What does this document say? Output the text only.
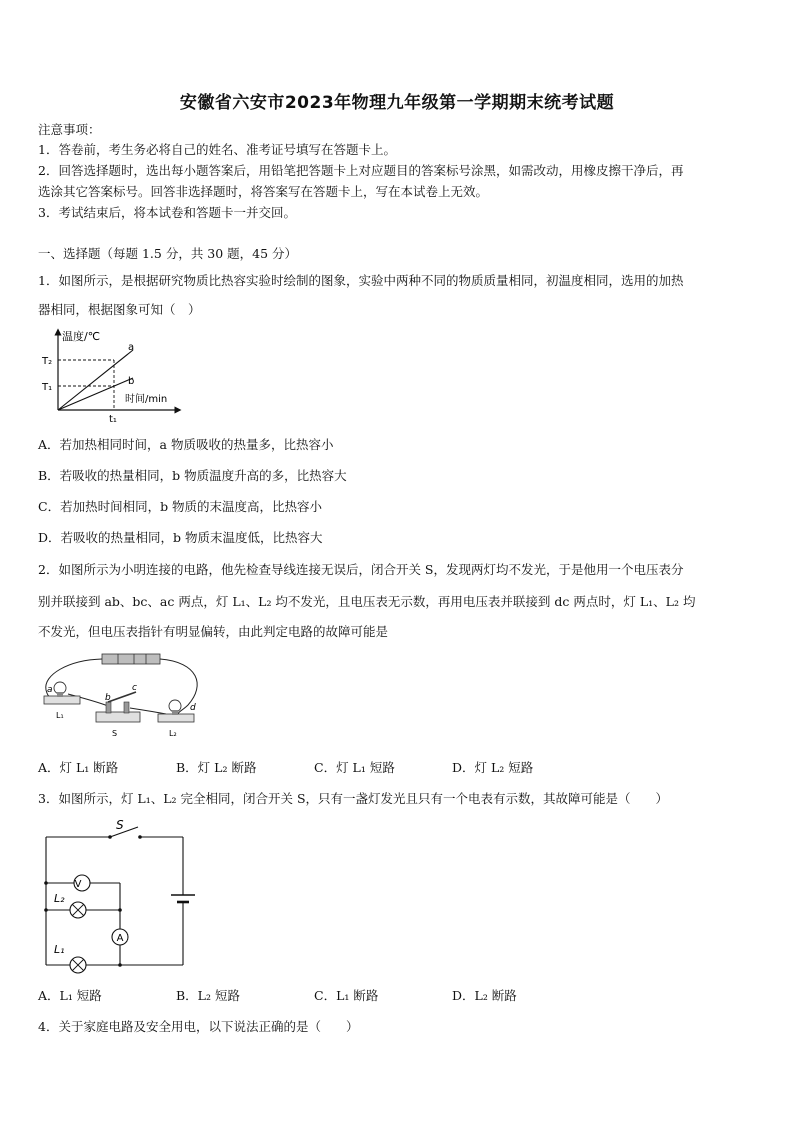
安徽省六安市2023年物理九年级第一学期期末统考试题
注意事项：
1．答卷前，考生务必将自己的姓名、准考证号填写在答题卡上。
2．回答选择题时，选出每小题答案后，用铅笔把答题卡上对应题目的答案标号涂黑，如需改动，用橡皮擦干净后，再
选涂其它答案标号。回答非选择题时，将答案写在答题卡上，写在本试卷上无效。
3．考试结束后，将本试卷和答题卡一并交回。
一、选择题（每题 1.5 分，共 30 题，45 分）
1．如图所示，是根据研究物质比热容实验时绘制的图象，实验中两种不同的物质质量相同，初温度相同，选用的加热
器相同，根据图象可知（　）
温度/℃
T₂
T₁
a
b
时间/min
t₁
A．若加热相同时间，a 物质吸收的热量多，比热容小
B．若吸收的热量相同，b 物质温度升高的多，比热容大
C．若加热时间相同，b 物质的末温度高，比热容小
D．若吸收的热量相同，b 物质末温度低，比热容大
2．如图所示为小明连接的电路，他先检查导线连接无误后，闭合开关 S，发现两灯均不发光，于是他用一个电压表分
别并联接到 ab、bc、ac 两点，灯 L₁、L₂ 均不发光，且电压表无示数，再用电压表并联接到 dc 两点时，灯 L₁、L₂ 均
不发光，但电压表指针有明显偏转，由此判定电路的故障可能是
a
b
c
d
L₁
S	L₂
A．灯 L₁ 断路	B．灯 L₂ 断路	C．灯 L₁ 短路	D．灯 L₂ 短路
3．如图所示，灯 L₁、L₂ 完全相同，闭合开关 S，只有一盏灯发光且只有一个电表有示数，其故障可能是（　　）
S
V
A
L₂
L₁
A．L₁ 短路	B．L₂ 短路	C．L₁ 断路	D．L₂ 断路
4．关于家庭电路及安全用电，以下说法正确的是（　　）
